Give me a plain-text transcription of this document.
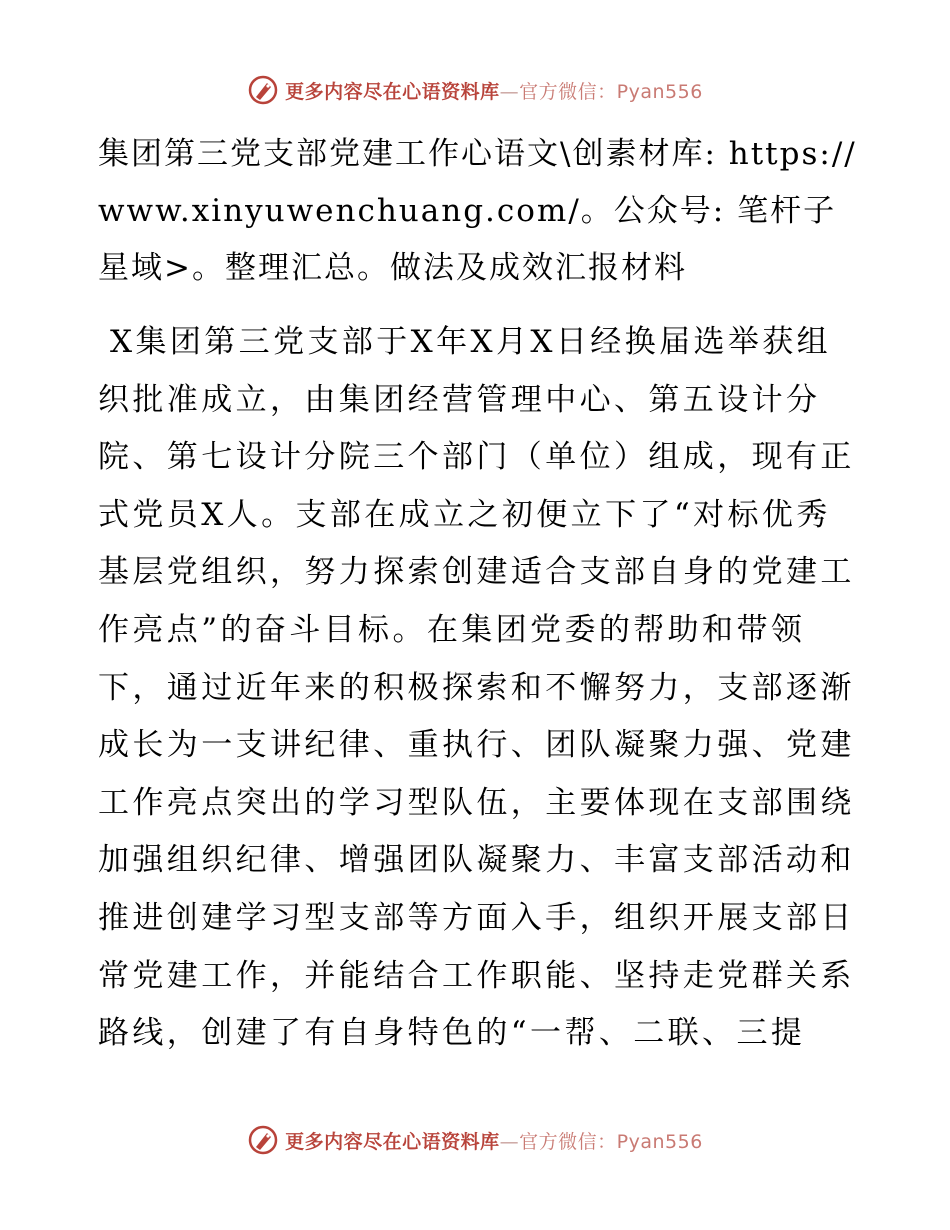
更多内容尽在心语资料库—官方微信：Pyan556
集团第三党支部党建工作心语文\创素材库: https://www.xinyuwenchuang.com/。公众号: 笔杆子星域>。整理汇总。做法及成效汇报材料

X集团第三党支部于X年X月X日经换届选举获组织批准成立，由集团经营管理中心、第五设计分院、第七设计分院三个部门（单位）组成，现有正式党员X人。支部在成立之初便立下了“对标优秀基层党组织，努力探索创建适合支部自身的党建工作亮点”的奋斗目标。在集团党委的帮助和带领下，通过近年来的积极探索和不懈努力，支部逐渐成长为一支讲纪律、重执行、团队凝聚力强、党建工作亮点突出的学习型队伍，主要体现在支部围绕加强组织纪律、增强团队凝聚力、丰富支部活动和推进创建学习型支部等方面入手，组织开展支部日常党建工作，并能结合工作职能、坚持走党群关系路线，创建了有自身特色的“一帮、二联、三提

更多内容尽在心语资料库—官方微信：Pyan556
